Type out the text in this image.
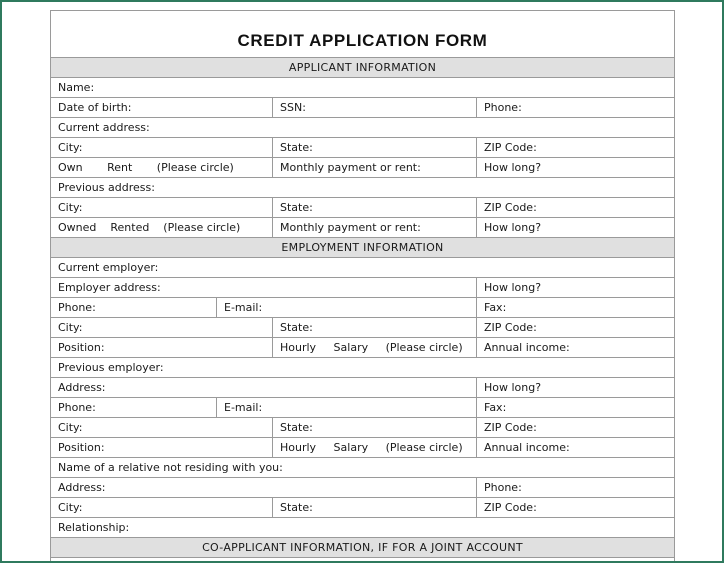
CREDIT APPLICATION FORM
APPLICANT INFORMATION
Name:
Date of birth:	SSN:	Phone:
Current address:
City:	State:	ZIP Code:
Own       Rent       (Please circle)	Monthly payment or rent:	How long?
Previous address:
City:	State:	ZIP Code:
Owned    Rented    (Please circle)	Monthly payment or rent:	How long?
EMPLOYMENT INFORMATION
Current employer:
Employer address:	How long?
Phone:	E-mail:	Fax:
City:	State:	ZIP Code:
Position:	Hourly     Salary     (Please circle)	Annual income:
Previous employer:
Address:	How long?
Phone:	E-mail:	Fax:
City:	State:	ZIP Code:
Position:	Hourly     Salary     (Please circle)	Annual income:
Name of a relative not residing with you:
Address:	Phone:
City:	State:	ZIP Code:
Relationship:
CO-APPLICANT INFORMATION, IF FOR A JOINT ACCOUNT
